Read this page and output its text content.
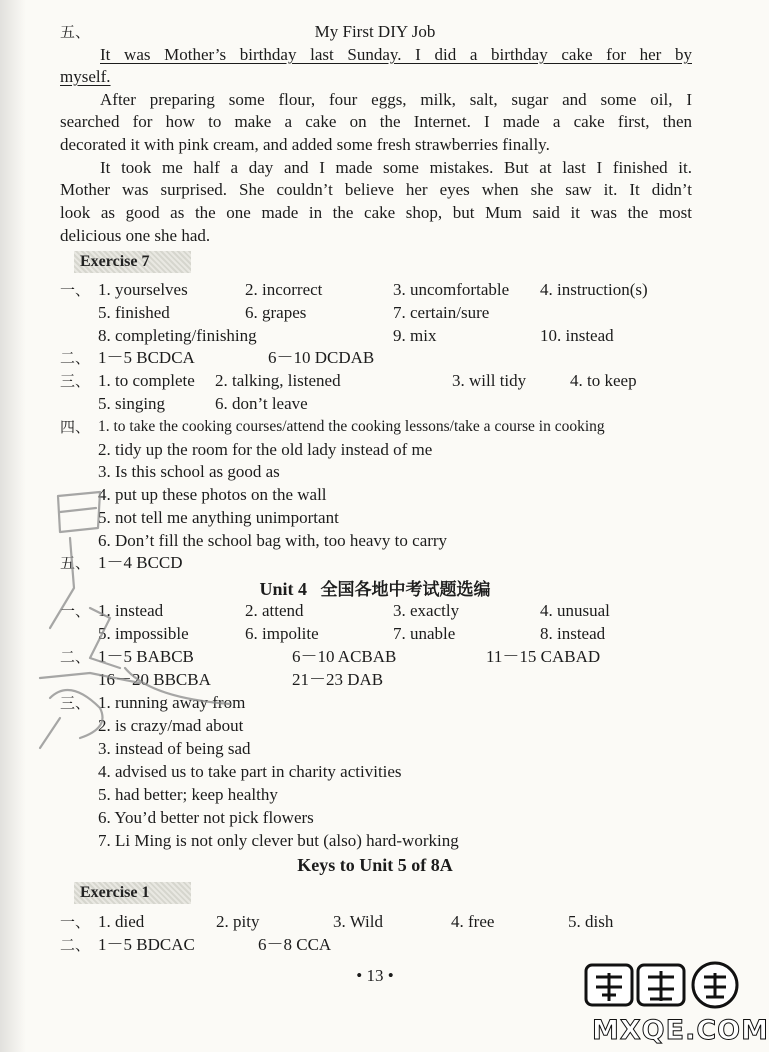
五、	My First DIY Job
It was Mother’s birthday last Sunday. I did a birthday cake for her by
myself.
After preparing some flour, four eggs, milk, salt, sugar and some oil, I
searched for how to make a cake on the Internet. I made a cake first, then
decorated it with pink cream, and added some fresh strawberries finally.
It took me half a day and I made some mistakes. But at last I finished it.
Mother was surprised. She couldn’t believe her eyes when she saw it. It didn’t
look as good as the one made in the cake shop, but Mum said it was the most
delicious one she had.
Exercise 7
一、 1. yourselves	2. incorrect	3. uncomfortable 4. instruction(s)
5. finished	6. grapes	7. certain/sure
8. completing/finishing	9. mix	10. instead
二、 1－5 BCDCA	6－10 DCDAB
三、 1. to complete 2. talking, listened	3. will tidy	4. to keep
5. singing	6. don’t leave
四、 1. to take the cooking courses/attend the cooking lessons/take a course in cooking
2. tidy up the room for the old lady instead of me
3. Is this school as good as
4. put up these photos on the wall
5. not tell me anything unimportant
6. Don’t fill the school bag with, too heavy to carry
五、 1－4 BCCD
Unit 4 全国各地中考试题选编
一、 1. instead	2. attend	3. exactly	4. unusual
5. impossible	6. impolite	7. unable	8. instead
二、 1－5 BABCB	6－10 ACBAB	11－15 CABAD
16－20 BBCBA	21－23 DAB
三、 1. running away from
2. is crazy/mad about
3. instead of being sad
4. advised us to take part in charity activities
5. had better; keep healthy
6. You’d better not pick flowers
7. Li Ming is not only clever but (also) hard-working
Keys to Unit 5 of 8A
Exercise 1
一、 1. died	2. pity	3. Wild	4. free	5. dish
二、 1－5 BDCAC	6－8 CCA
• 13 •
MXQE.COM
